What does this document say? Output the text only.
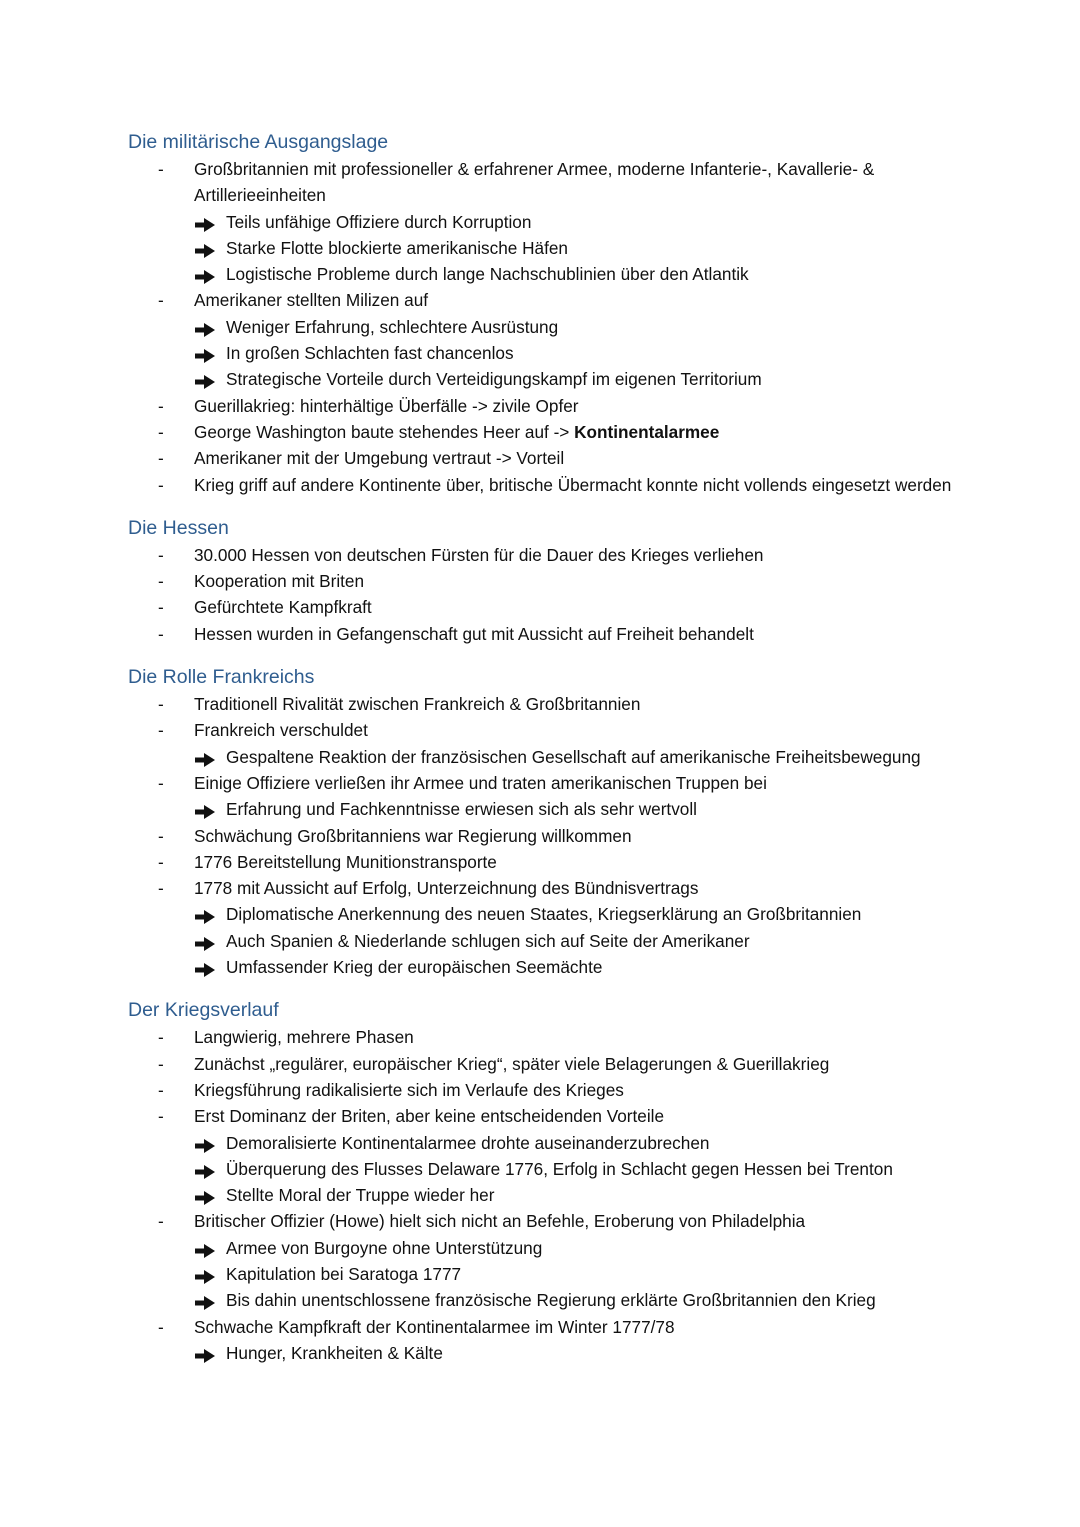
Die militärische Ausgangslage
- Großbritannien mit professioneller & erfahrener Armee, moderne Infanterie-, Kavallerie- & Artillerieeinheiten
Teils unfähige Offiziere durch Korruption
Starke Flotte blockierte amerikanische Häfen
Logistische Probleme durch lange Nachschublinien über den Atlantik
- Amerikaner stellten Milizen auf
Weniger Erfahrung, schlechtere Ausrüstung
In großen Schlachten fast chancenlos
Strategische Vorteile durch Verteidigungskampf im eigenen Territorium
- Guerillakrieg: hinterhältige Überfälle -> zivile Opfer
- George Washington baute stehendes Heer auf -> Kontinentalarmee
- Amerikaner mit der Umgebung vertraut -> Vorteil
- Krieg griff auf andere Kontinente über, britische Übermacht konnte nicht vollends eingesetzt werden
Die Hessen
- 30.000 Hessen von deutschen Fürsten für die Dauer des Krieges verliehen
- Kooperation mit Briten
- Gefürchtete Kampfkraft
- Hessen wurden in Gefangenschaft gut mit Aussicht auf Freiheit behandelt
Die Rolle Frankreichs
- Traditionell Rivalität zwischen Frankreich & Großbritannien
- Frankreich verschuldet
Gespaltene Reaktion der französischen Gesellschaft auf amerikanische Freiheitsbewegung
- Einige Offiziere verließen ihr Armee und traten amerikanischen Truppen bei
Erfahrung und Fachkenntnisse erwiesen sich als sehr wertvoll
- Schwächung Großbritanniens war Regierung willkommen
- 1776 Bereitstellung Munitionstransporte
- 1778 mit Aussicht auf Erfolg, Unterzeichnung des Bündnisvertrags
Diplomatische Anerkennung des neuen Staates, Kriegserklärung an Großbritannien
Auch Spanien & Niederlande schlugen sich auf Seite der Amerikaner
Umfassender Krieg der europäischen Seemächte
Der Kriegsverlauf
- Langwierig, mehrere Phasen
- Zunächst „regulärer, europäischer Krieg“, später viele Belagerungen & Guerillakrieg
- Kriegsführung radikalisierte sich im Verlaufe des Krieges
- Erst Dominanz der Briten, aber keine entscheidenden Vorteile
Demoralisierte Kontinentalarmee drohte auseinanderzubrechen
Überquerung des Flusses Delaware 1776, Erfolg in Schlacht gegen Hessen bei Trenton
Stellte Moral der Truppe wieder her
- Britischer Offizier (Howe) hielt sich nicht an Befehle, Eroberung von Philadelphia
Armee von Burgoyne ohne Unterstützung
Kapitulation bei Saratoga 1777
Bis dahin unentschlossene französische Regierung erklärte Großbritannien den Krieg
- Schwache Kampfkraft der Kontinentalarmee im Winter 1777/78
Hunger, Krankheiten & Kälte
